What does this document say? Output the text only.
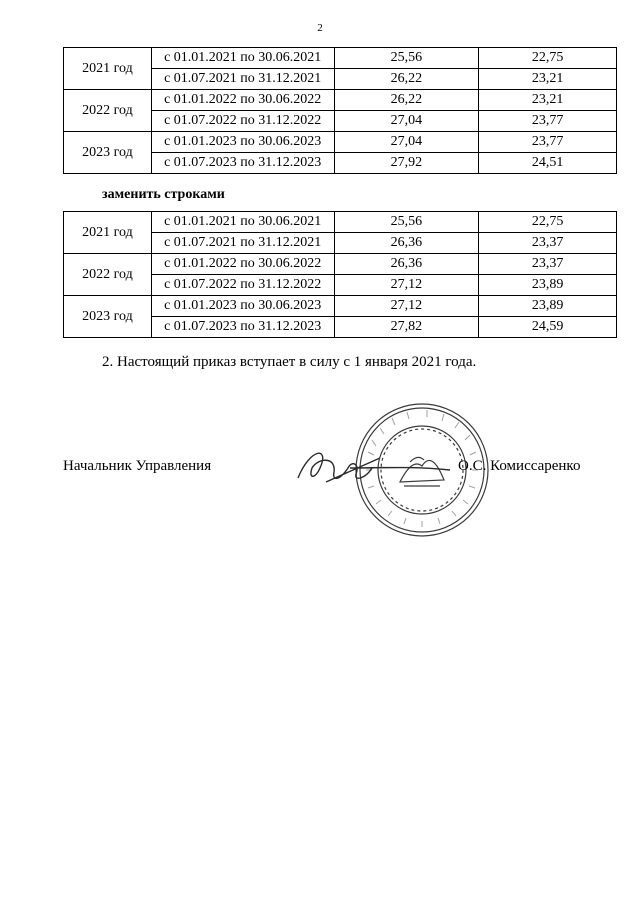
2
2021 год	с 01.01.2021 по 30.06.2021	25,56	22,75
	с 01.07.2021 по 31.12.2021	26,22	23,21
2022 год	с 01.01.2022 по 30.06.2022	26,22	23,21
	с 01.07.2022 по 31.12.2022	27,04	23,77
2023 год	с 01.01.2023 по 30.06.2023	27,04	23,77
	с 01.07.2023 по 31.12.2023	27,92	24,51
заменить строками
2021 год	с 01.01.2021 по 30.06.2021	25,56	22,75
	с 01.07.2021 по 31.12.2021	26,36	23,37
2022 год	с 01.01.2022 по 30.06.2022	26,36	23,37
	с 01.07.2022 по 31.12.2022	27,12	23,89
2023 год	с 01.01.2023 по 30.06.2023	27,12	23,89
	с 01.07.2023 по 31.12.2023	27,82	24,59
2. Настоящий приказ вступает в силу с 1 января 2021 года.
Начальник Управления	О.С. Комиссаренко
